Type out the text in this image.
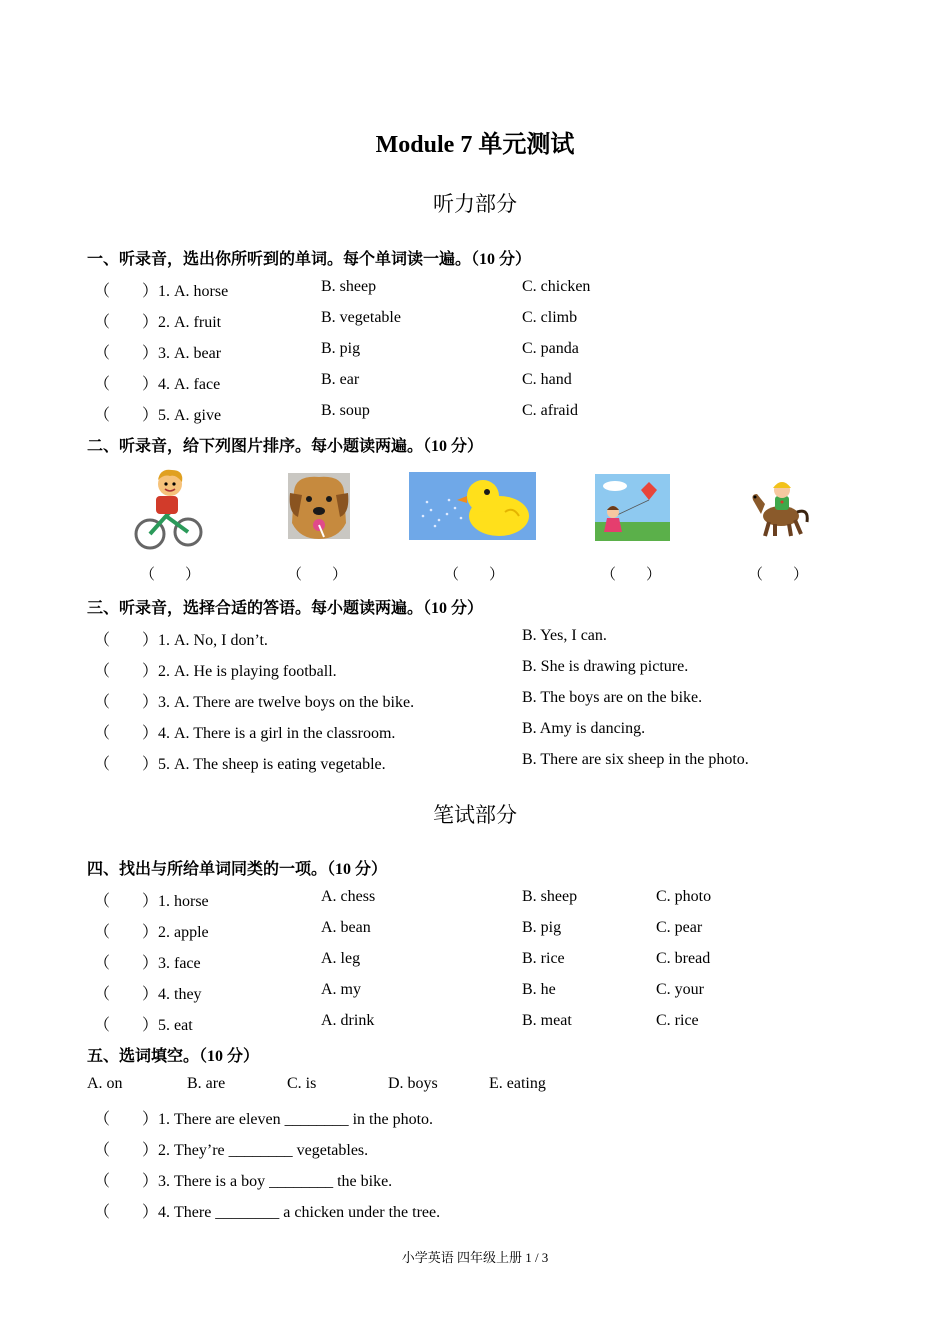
Module 7 单元测试
听力部分
一、听录音，选出你所听到的单词。每个单词读一遍。（10 分）
（　　）1. A. horse	B. sheep	C. chicken
（　　）2. A. fruit	B. vegetable	C. climb
（　　）3. A. bear	B. pig	C. panda
（　　）4. A. face	B. ear	C. hand
（　　）5. A. give	B. soup	C. afraid
二、听录音，给下列图片排序。每小题读两遍。（10 分）
（　　）	（　　）	（　　）	（　　）	（　　）
三、听录音，选择合适的答语。每小题读两遍。（10 分）
（　　）1. A. No, I don’t.	B. Yes, I can.
（　　）2. A. He is playing football.	B. She is drawing picture.
（　　）3. A. There are twelve boys on the bike.	B. The boys are on the bike.
（　　）4. A. There is a girl in the classroom.	B. Amy is dancing.
（　　）5. A. The sheep is eating vegetable.	B. There are six sheep in the photo.
笔试部分
四、找出与所给单词同类的一项。（10 分）
（　　）1. horse	A. chess	B. sheep	C. photo
（　　）2. apple	A. bean	B. pig	C. pear
（　　）3. face	A. leg	B. rice	C. bread
（　　）4. they	A. my	B. he	C. your
（　　）5. eat	A. drink	B. meat	C. rice
五、选词填空。（10 分）
A. on	B. are	C. is	D. boys	E. eating
（　　）1. There are eleven ________ in the photo.
（　　）2. They’re ________ vegetables.
（　　）3. There is a boy ________ the bike.
（　　）4. There ________ a chicken under the tree.
小学英语 四年级上册 1 / 3
